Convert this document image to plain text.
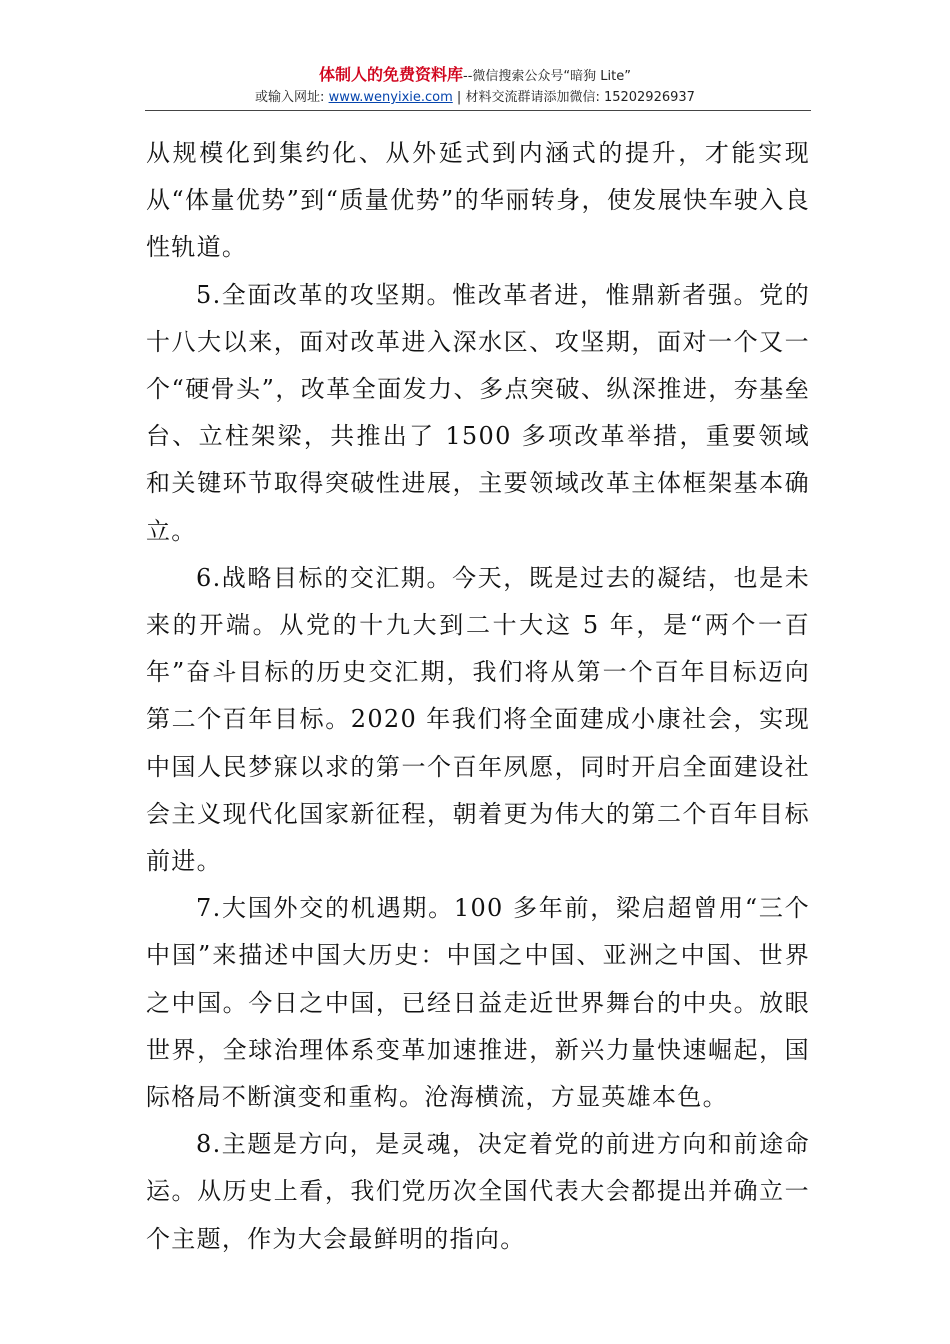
体制人的免费资料库--微信搜索公众号“暗狗 Lite”
或输入网址: www.wenyixie.com | 材料交流群请添加微信: 15202926937

从规模化到集约化、从外延式到内涵式的提升，才能实现从“体量优势”到“质量优势”的华丽转身，使发展快车驶入良性轨道。

5.全面改革的攻坚期。惟改革者进，惟鼎新者强。党的十八大以来，面对改革进入深水区、攻坚期，面对一个又一个“硬骨头”，改革全面发力、多点突破、纵深推进，夯基垒台、立柱架梁，共推出了 1500 多项改革举措，重要领域和关键环节取得突破性进展，主要领域改革主体框架基本确立。

6.战略目标的交汇期。今天，既是过去的凝结，也是未来的开端。从党的十九大到二十大这 5 年，是“两个一百年”奋斗目标的历史交汇期，我们将从第一个百年目标迈向第二个百年目标。2020 年我们将全面建成小康社会，实现中国人民梦寐以求的第一个百年夙愿，同时开启全面建设社会主义现代化国家新征程，朝着更为伟大的第二个百年目标前进。

7.大国外交的机遇期。100 多年前，梁启超曾用“三个中国”来描述中国大历史：中国之中国、亚洲之中国、世界之中国。今日之中国，已经日益走近世界舞台的中央。放眼世界，全球治理体系变革加速推进，新兴力量快速崛起，国际格局不断演变和重构。沧海横流，方显英雄本色。

8.主题是方向，是灵魂，决定着党的前进方向和前途命运。从历史上看，我们党历次全国代表大会都提出并确立一个主题，作为大会最鲜明的指向。
